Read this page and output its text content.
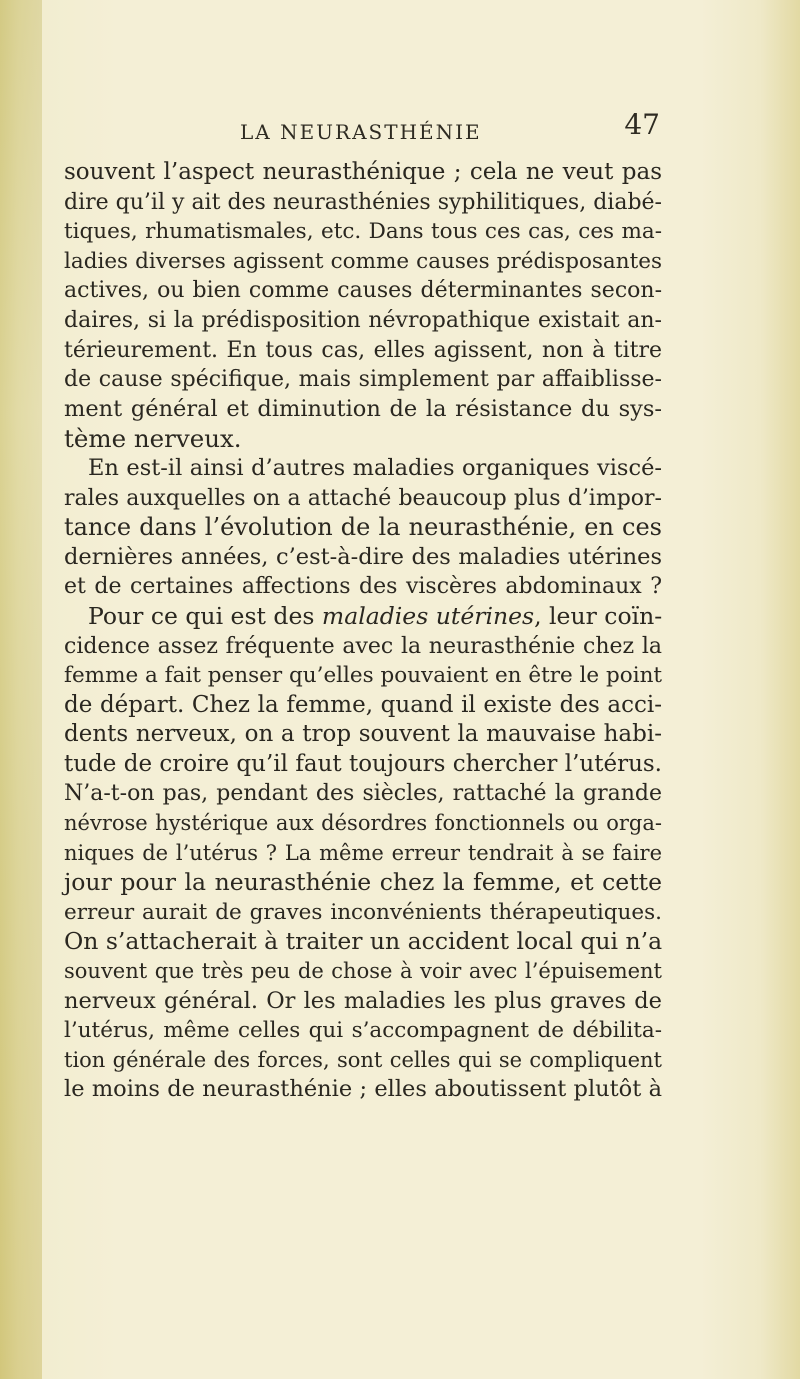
LA NEURASTHÉNIE	47
souvent l’aspect neurasthénique ; cela ne veut pas
dire qu’il y ait des neurasthénies syphilitiques, diabé-
tiques, rhumatismales, etc. Dans tous ces cas, ces ma-
ladies diverses agissent comme causes prédisposantes
actives, ou bien comme causes déterminantes secon-
daires, si la prédisposition névropathique existait an-
térieurement. En tous cas, elles agissent, non à titre
de cause spécifique, mais simplement par affaiblisse-
ment général et diminution de la résistance du sys-
tème nerveux.
En est-il ainsi d’autres maladies organiques viscé-
rales auxquelles on a attaché beaucoup plus d’impor-
tance dans l’évolution de la neurasthénie, en ces
dernières années, c’est-à-dire des maladies utérines
et de certaines affections des viscères abdominaux ?
Pour ce qui est des maladies utérines, leur coïn-
cidence assez fréquente avec la neurasthénie chez la
femme a fait penser qu’elles pouvaient en être le point
de départ. Chez la femme, quand il existe des acci-
dents nerveux, on a trop souvent la mauvaise habi-
tude de croire qu’il faut toujours chercher l’utérus.
N’a-t-on pas, pendant des siècles, rattaché la grande
névrose hystérique aux désordres fonctionnels ou orga-
niques de l’utérus ? La même erreur tendrait à se faire
jour pour la neurasthénie chez la femme, et cette
erreur aurait de graves inconvénients thérapeutiques.
On s’attacherait à traiter un accident local qui n’a
souvent que très peu de chose à voir avec l’épuisement
nerveux général. Or les maladies les plus graves de
l’utérus, même celles qui s’accompagnent de débilita-
tion générale des forces, sont celles qui se compliquent
le moins de neurasthénie ; elles aboutissent plutôt à
